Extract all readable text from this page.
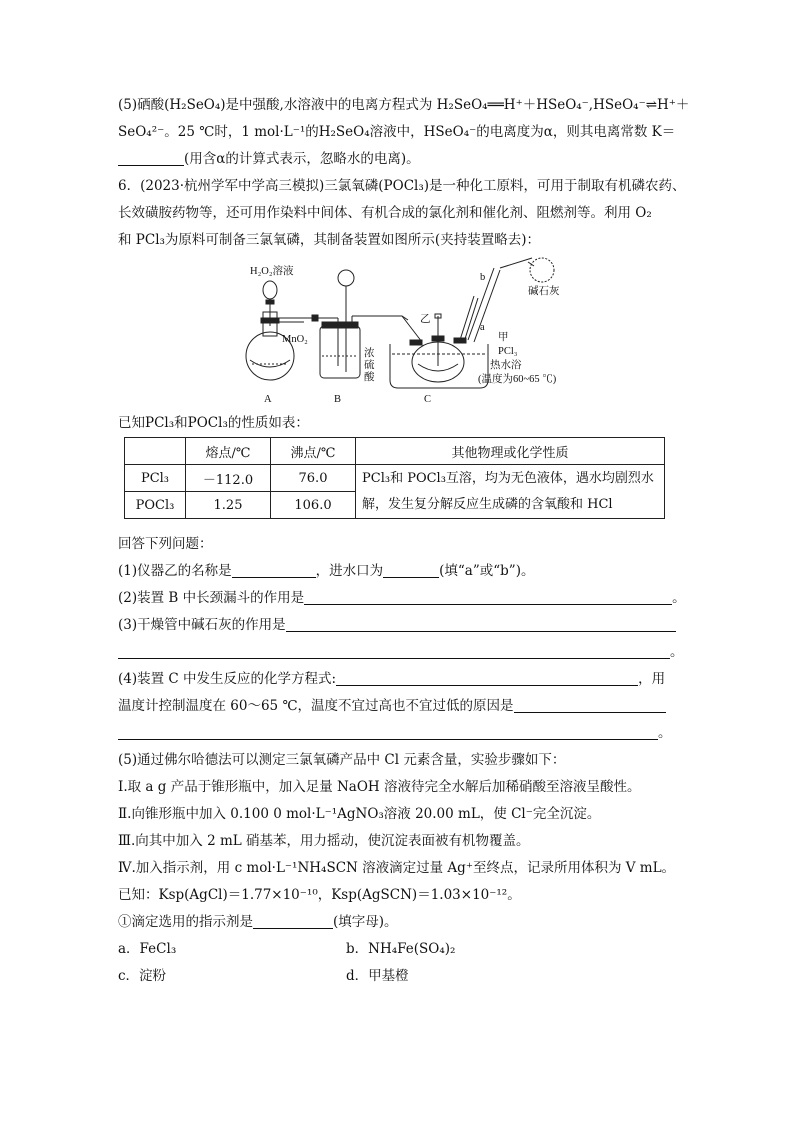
(5)硒酸(H₂SeO₄)是中强酸,水溶液中的电离方程式为 H₂SeO₄══H⁺＋HSeO₄⁻,HSeO₄⁻⇌H⁺＋
SeO₄²⁻。25 ℃时，1 mol·L⁻¹的H₂SeO₄溶液中，HSeO₄⁻的电离度为α，则其电离常数 K＝
(用含α的计算式表示，忽略水的电离)。
6．(2023·杭州学军中学高三模拟)三氯氧磷(POCl₃)是一种化工原料，可用于制取有机磷农药、
长效磺胺药物等，还可用作染料中间体、有机合成的氯化剂和催化剂、阻燃剂等。利用 O₂
和 PCl₃为原料可制备三氯氧磷，其制备装置如图所示(夹持装置略去)：
H₂O₂溶液
MnO₂
浓
硫
酸
乙
甲
a
b
PCl₃
热水浴
(温度为60~65 ℃)
碱石灰
A	B	C
已知PCl₃和POCl₃的性质如表：
	熔点/℃	沸点/℃	其他物理或化学性质
PCl₃	－112.0	76.0	PCl₃和 POCl₃互溶，均为无色液体，遇水均剧烈水
解，发生复分解反应生成磷的含氧酸和 HCl

POCl₃	1.25	106.0	
回答下列问题：
(1)仪器乙的名称是	，进水口为	(填“a”或“b”)。
(2)装置 B 中长颈漏斗的作用是	。
(3)干燥管中碱石灰的作用是
。
(4)装置 C 中发生反应的化学方程式:	，用
温度计控制温度在 60～65 ℃，温度不宜过高也不宜过低的原因是
。
(5)通过佛尔哈德法可以测定三氯氧磷产品中 Cl 元素含量，实验步骤如下：
Ⅰ.取 a g 产品于锥形瓶中，加入足量 NaOH 溶液待完全水解后加稀硝酸至溶液呈酸性。
Ⅱ.向锥形瓶中加入 0.100 0 mol·L⁻¹AgNO₃溶液 20.00 mL，使 Cl⁻完全沉淀。
Ⅲ.向其中加入 2 mL 硝基苯，用力摇动，使沉淀表面被有机物覆盖。
Ⅳ.加入指示剂，用 c mol·L⁻¹NH₄SCN 溶液滴定过量 Ag⁺至终点，记录所用体积为 V mL。
已知：Ksp(AgCl)＝1.77×10⁻¹⁰，Ksp(AgSCN)＝1.03×10⁻¹²。
①滴定选用的指示剂是	(填字母)。
a．FeCl₃	b．NH₄Fe(SO₄)₂
c．淀粉	d．甲基橙
